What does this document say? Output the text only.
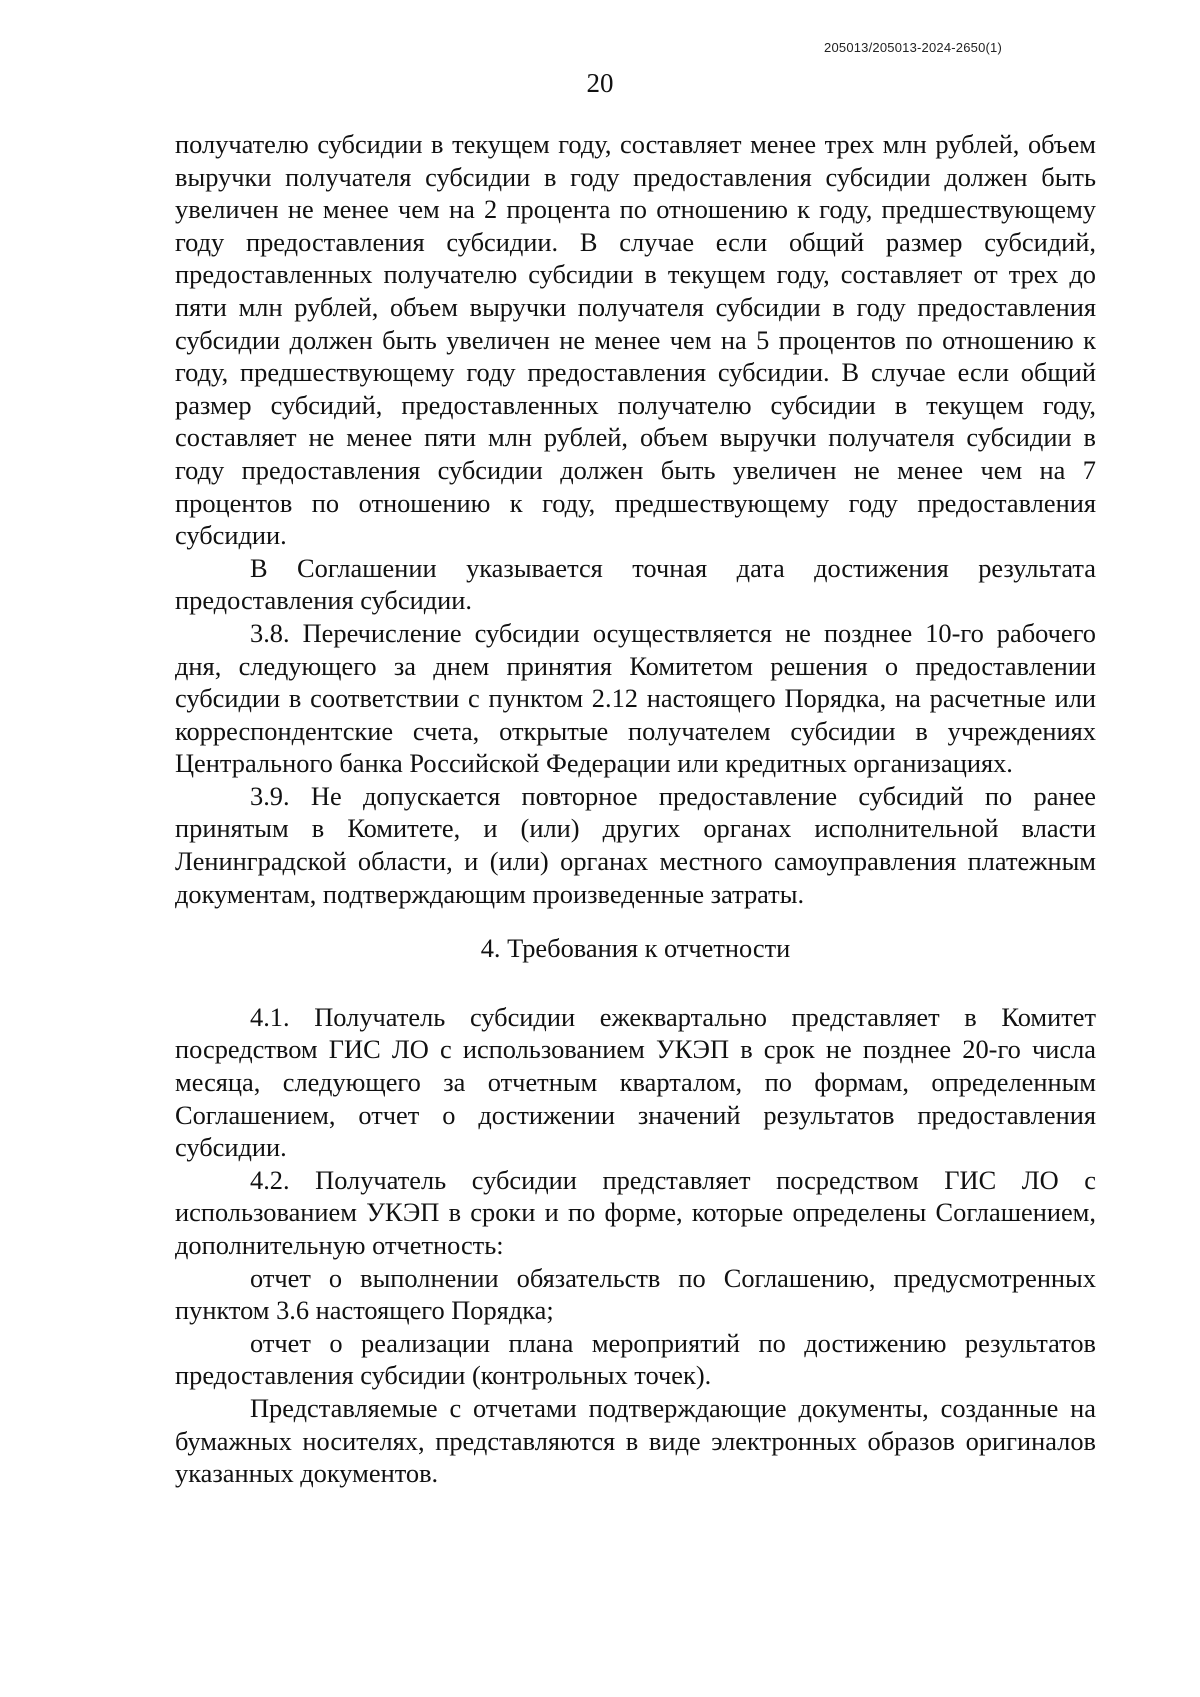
205013/205013-2024-2650(1)
20

получателю субсидии в текущем году, составляет менее трех млн рублей, объем выручки получателя субсидии в году предоставления субсидии должен быть увеличен не менее чем на 2 процента по отношению к году, предшествующему году предоставления субсидии. В случае если общий размер субсидий, предоставленных получателю субсидии в текущем году, составляет от трех до пяти млн рублей, объем выручки получателя субсидии в году предоставления субсидии должен быть увеличен не менее чем на 5 процентов по отношению к году, предшествующему году предоставления субсидии. В случае если общий размер субсидий, предоставленных получателю субсидии в текущем году, составляет не менее пяти млн рублей, объем выручки получателя субсидии в году предоставления субсидии должен быть увеличен не менее чем на 7 процентов по отношению к году, предшествующему году предоставления субсидии.

В Соглашении указывается точная дата достижения результата предоставления субсидии.

3.8. Перечисление субсидии осуществляется не позднее 10-го рабочего дня, следующего за днем принятия Комитетом решения о предоставлении субсидии в соответствии с пунктом 2.12 настоящего Порядка, на расчетные или корреспондентские счета, открытые получателем субсидии в учреждениях Центрального банка Российской Федерации или кредитных организациях.

3.9. Не допускается повторное предоставление субсидий по ранее принятым в Комитете, и (или) других органах исполнительной власти Ленинградской области, и (или) органах местного самоуправления платежным документам, подтверждающим произведенные затраты.

4. Требования к отчетности

4.1. Получатель субсидии ежеквартально представляет в Комитет посредством ГИС ЛО с использованием УКЭП в срок не позднее 20-го числа месяца, следующего за отчетным кварталом, по формам, определенным Соглашением, отчет о достижении значений результатов предоставления субсидии.

4.2. Получатель субсидии представляет посредством ГИС ЛО с использованием УКЭП в сроки и по форме, которые определены Соглашением, дополнительную отчетность:

отчет о выполнении обязательств по Соглашению, предусмотренных пунктом 3.6 настоящего Порядка;

отчет о реализации плана мероприятий по достижению результатов предоставления субсидии (контрольных точек).

Представляемые с отчетами подтверждающие документы, созданные на бумажных носителях, представляются в виде электронных образов оригиналов указанных документов.
